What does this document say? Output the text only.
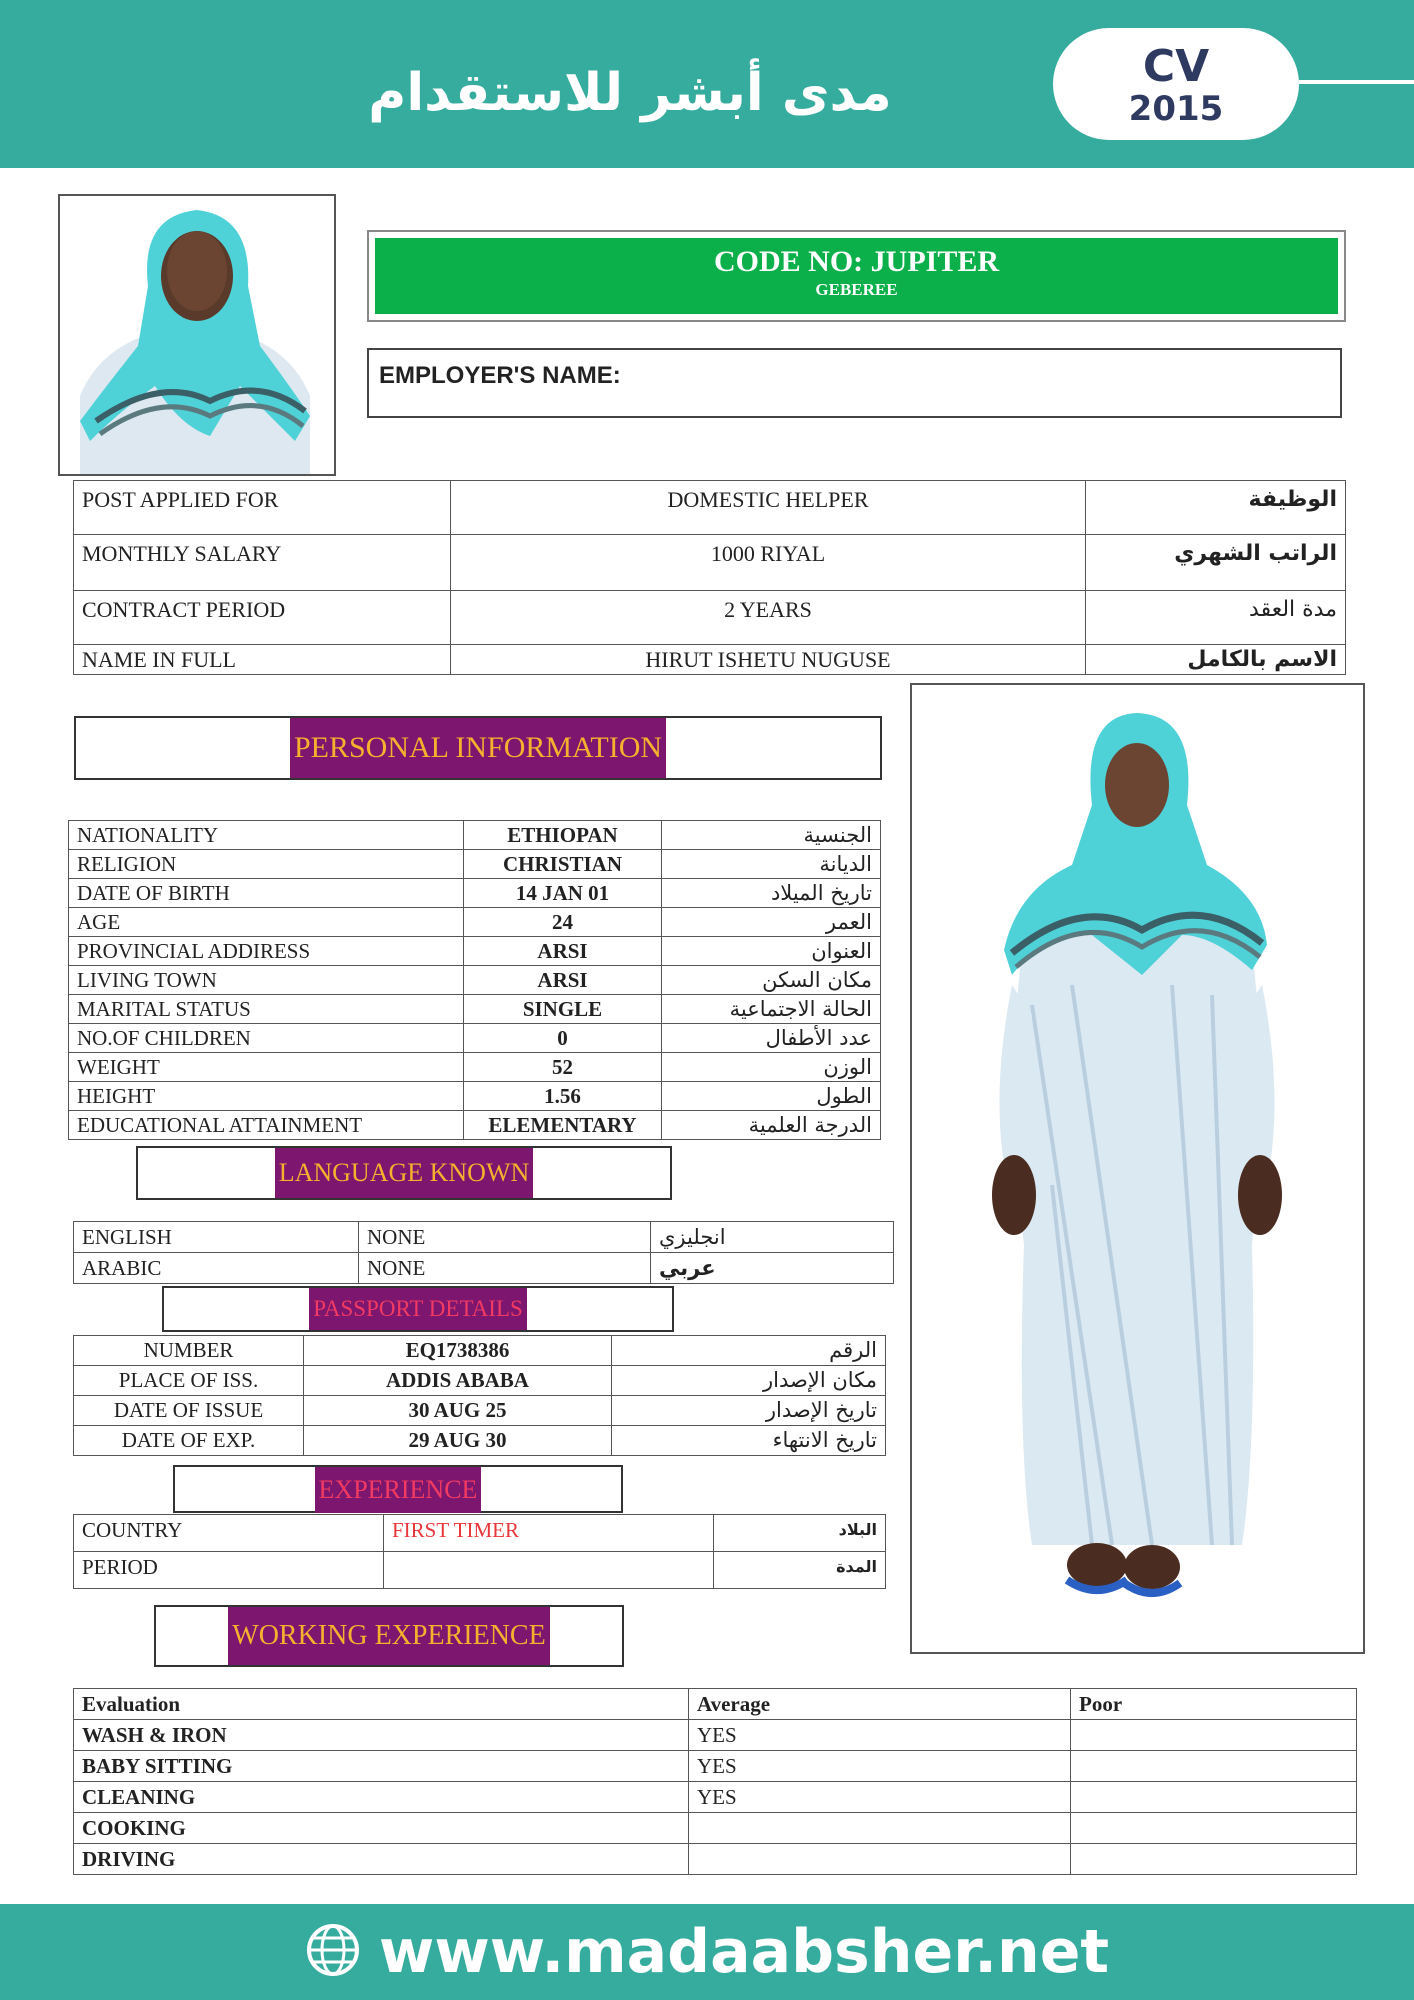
مدى أبشر للاستقدام	CV
2015
CODE NO: JUPITER
GEBEREE
EMPLOYER'S NAME:
POST APPLIED FOR	DOMESTIC HELPER	الوظيفة
MONTHLY SALARY	1000 RIYAL	الراتب الشهري
CONTRACT PERIOD	2 YEARS	مدة العقد
NAME IN FULL	HIRUT ISHETU NUGUSE	الاسم بالكامل
PERSONAL INFORMATION
NATIONALITY	ETHIOPAN	الجنسية
RELIGION	CHRISTIAN	الديانة
DATE OF BIRTH	14 JAN 01	تاريخ الميلاد
AGE	24	العمر
PROVINCIAL ADDIRESS	ARSI	العنوان
LIVING TOWN	ARSI	مكان السكن
MARITAL STATUS	SINGLE	الحالة الاجتماعية
NO.OF CHILDREN	0	عدد الأطفال
WEIGHT	52	الوزن
HEIGHT	1.56	الطول
EDUCATIONAL ATTAINMENT	ELEMENTARY	الدرجة العلمية
LANGUAGE KNOWN
ENGLISH	NONE	انجليزي
ARABIC	NONE	عربي
PASSPORT DETAILS
NUMBER	EQ1738386	الرقم
PLACE OF ISS.	ADDIS ABABA	مكان الإصدار
DATE OF ISSUE	30 AUG 25	تاريخ الإصدار
DATE OF EXP.	29 AUG 30	تاريخ الانتهاء
EXPERIENCE
COUNTRY	FIRST TIMER	البلاد
PERIOD		المدة
WORKING EXPERIENCE
Evaluation	Average	Poor
WASH & IRON	YES	
BABY SITTING	YES	
CLEANING	YES	
COOKING		
DRIVING		
www.madaabsher.net
